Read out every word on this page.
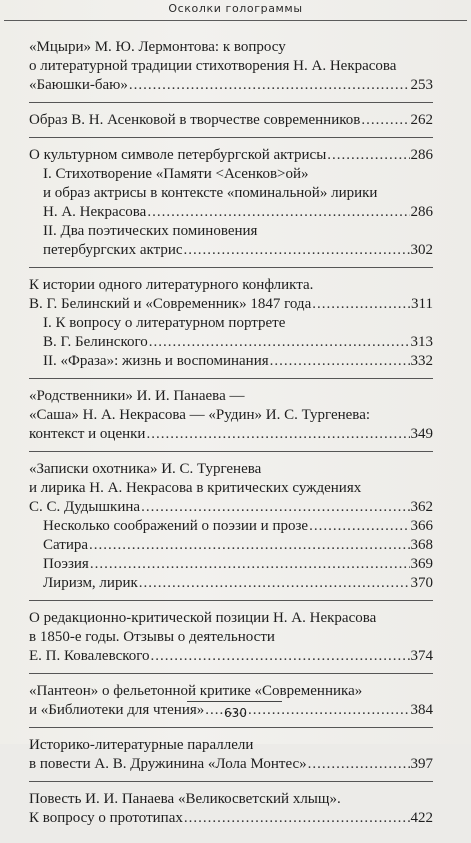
Осколки голограммы
«Мцыри» М. Ю. Лермонтова: к вопросу
о литературной традиции стихотворения Н. А. Некрасова
«Баюшки-баю» .....	253
Образ В. Н. Асенковой в творчестве современников .....	262
О культурном символе петербургской актрисы .....	286
I. Стихотворение «Памяти <Асенков>ой»
и образ актрисы в контексте «поминальной» лирики
Н. А. Некрасова .....	286
II. Два поэтических поминовения
петербургских актрис .....	302
К истории одного литературного конфликта.
В. Г. Белинский и «Современник» 1847 года .....	311
I. К вопросу о литературном портрете
В. Г. Белинского .....	313
II. «Фраза»: жизнь и воспоминания .....	332
«Родственники» И. И. Панаева —
«Саша» Н. А. Некрасова — «Рудин» И. С. Тургенева:
контекст и оценки .....	349
«Записки охотника» И. С. Тургенева
и лирика Н. А. Некрасова в критических суждениях
С. С. Дудышкина .....	362
Несколько соображений о поэзии и прозе .....	366
Сатира .....	368
Поэзия .....	369
Лиризм, лирик .....	370
О редакционно-критической позиции Н. А. Некрасова
в 1850-е годы. Отзывы о деятельности
Е. П. Ковалевского .....	374
«Пантеон» о фельетонной критике «Современника»
и «Библиотеки для чтения» .....	384
Историко-литературные параллели
в повести А. В. Дружинина «Лола Монтес» .....	397
Повесть И. И. Панаева «Великосветский хлыщ».
К вопросу о прототипах .....	422
630
